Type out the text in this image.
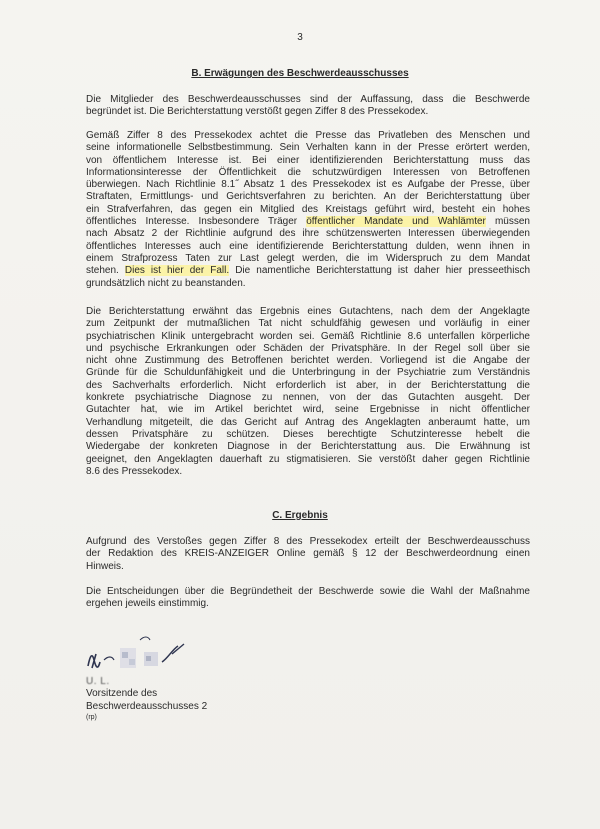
3
B. Erwägungen des Beschwerdeausschusses
Die Mitglieder des Beschwerdeausschusses sind der Auffassung, dass die Beschwerde
begründet ist. Die Berichterstattung verstößt gegen Ziffer 8 des Pressekodex.
Gemäß Ziffer 8 des Pressekodex achtet die Presse das Privatleben des Menschen und
seine informationelle Selbstbestimmung. Sein Verhalten kann in der Presse erörtert werden,
von öffentlichem Interesse ist. Bei einer identifizierenden Berichterstattung muss das
Informationsinteresse der Öffentlichkeit die schutzwürdigen Interessen von Betroffenen
überwiegen. Nach Richtlinie 8.1˝ Absatz 1 des Pressekodex ist es Aufgabe der Presse, über
Straftaten, Ermittlungs- und Gerichtsverfahren zu berichten. An der Berichterstattung über
ein Strafverfahren, das gegen ein Mitglied des Kreistags geführt wird, besteht ein hohes
öffentliches Interesse. Insbesondere Träger öffentlicher Mandate und Wahlämter müssen
nach Absatz 2 der Richtlinie aufgrund des ihre schützenswerten Interessen überwiegenden
öffentliches Interesses auch eine identifizierende Berichterstattung dulden, wenn ihnen in
einem Strafprozess Taten zur Last gelegt werden, die im Widerspruch zu dem Mandat
stehen. Dies ist hier der Fall. Die namentliche Berichterstattung ist daher hier presseethisch
grundsätzlich nicht zu beanstanden.
Die Berichterstattung erwähnt das Ergebnis eines Gutachtens, nach dem der Angeklagte
zum Zeitpunkt der mutmaßlichen Tat nicht schuldfähig gewesen und vorläufig in einer
psychiatrischen Klinik untergebracht worden sei. Gemäß Richtlinie 8.6 unterfallen körperliche
und psychische Erkrankungen oder Schäden der Privatsphäre. In der Regel soll über sie
nicht ohne Zustimmung des Betroffenen berichtet werden. Vorliegend ist die Angabe der
Gründe für die Schuldunfähigkeit und die Unterbringung in der Psychiatrie zum Verständnis
des Sachverhalts erforderlich. Nicht erforderlich ist aber, in der Berichterstattung die
konkrete psychiatrische Diagnose zu nennen, von der das Gutachten ausgeht. Der
Gutachter hat, wie im Artikel berichtet wird, seine Ergebnisse in nicht öffentlicher
Verhandlung mitgeteilt, die das Gericht auf Antrag des Angeklagten anberaumt hatte, um
dessen Privatsphäre zu schützen. Dieses berechtigte Schutzinteresse hebelt die
Wiedergabe der konkreten Diagnose in der Berichterstattung aus. Die Erwähnung ist
geeignet, den Angeklagten dauerhaft zu stigmatisieren. Sie verstößt daher gegen Richtlinie
8.6 des Pressekodex.
C. Ergebnis
Aufgrund des Verstoßes gegen Ziffer 8 des Pressekodex erteilt der Beschwerdeausschuss
der Redaktion des KREIS-ANZEIGER Online gemäß § 12 der Beschwerdeordnung einen
Hinweis.
Die Entscheidungen über die Begründetheit der Beschwerde sowie die Wahl der Maßnahme
ergehen jeweils einstimmig.
U. L.
Vorsitzende des
Beschwerdeausschusses 2
(rp)
